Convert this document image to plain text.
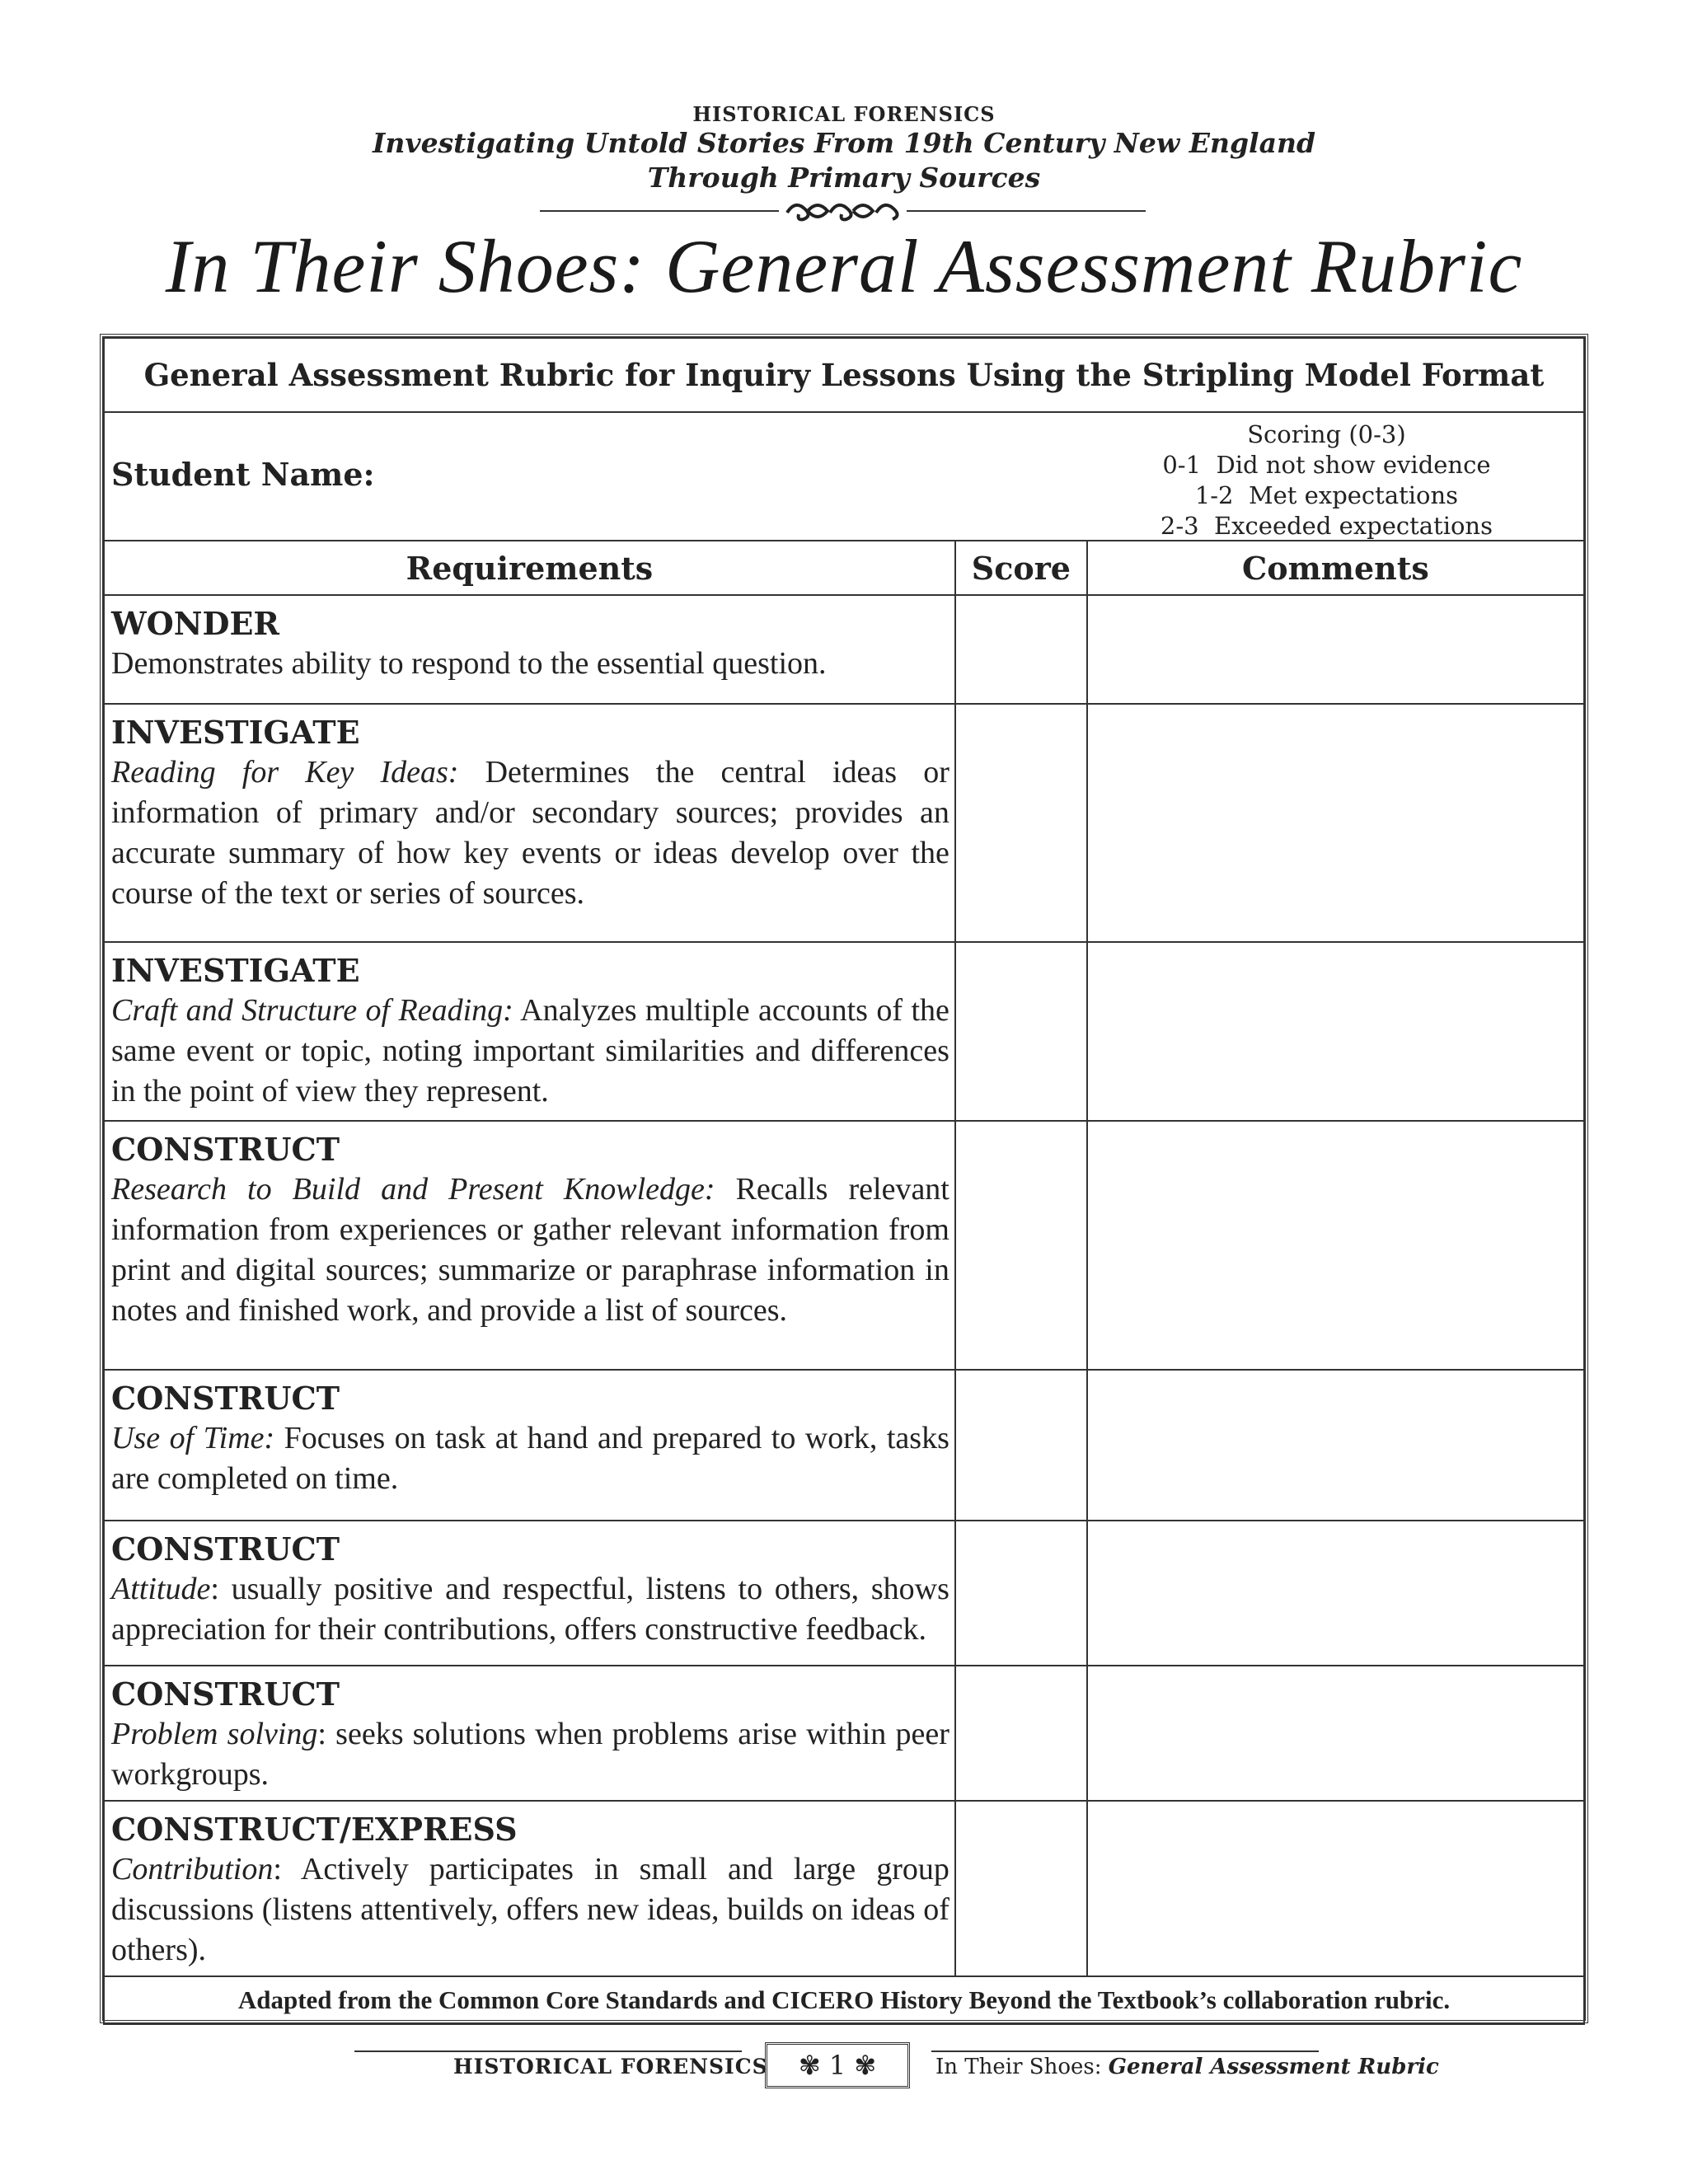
HISTORICAL FORENSICS
Investigating Untold Stories From 19th Century New England
Through Primary Sources
In Their Shoes: General Assessment Rubric
General Assessment Rubric for Inquiry Lessons Using the Stripling Model Format		

Student Name:
Scoring (0-3)
0-1  Did not show evidence
1-2  Met expectations
2-3  Exceeded expectations		

Requirements	Score	Comments

WONDER
Demonstrates ability to respond to the essential question.		

INVESTIGATE
Reading for Key Ideas: Determines the central ideas or information of primary and/or secondary sources; provides an accurate summary of how key events or ideas develop over the course of the text or series of sources.		

INVESTIGATE
Craft and Structure of Reading: Analyzes multiple accounts of the same event or topic, noting important similarities and differences in the point of view they represent.		

CONSTRUCT
Research to Build and Present Knowledge: Recalls relevant information from experiences or gather relevant information from print and digital sources; summarize or paraphrase information in notes and finished work, and provide a list of sources.		

CONSTRUCT
Use of Time: Focuses on task at hand and prepared to work, tasks are completed on time.		

CONSTRUCT
Attitude: usually positive and respectful, listens to others, shows appreciation for their contributions, offers constructive feedback.		

CONSTRUCT
Problem solving: seeks solutions when problems arise within peer workgroups.		

CONSTRUCT/EXPRESS
Contribution: Actively participates in small and large group discussions (listens attentively, offers new ideas, builds on ideas of others).		

Adapted from the Common Core Standards and CICERO History Beyond the Textbook’s collaboration rubric.		
HISTORICAL FORENSICS	✾ 1 ✾	In Their Shoes: General Assessment Rubric
